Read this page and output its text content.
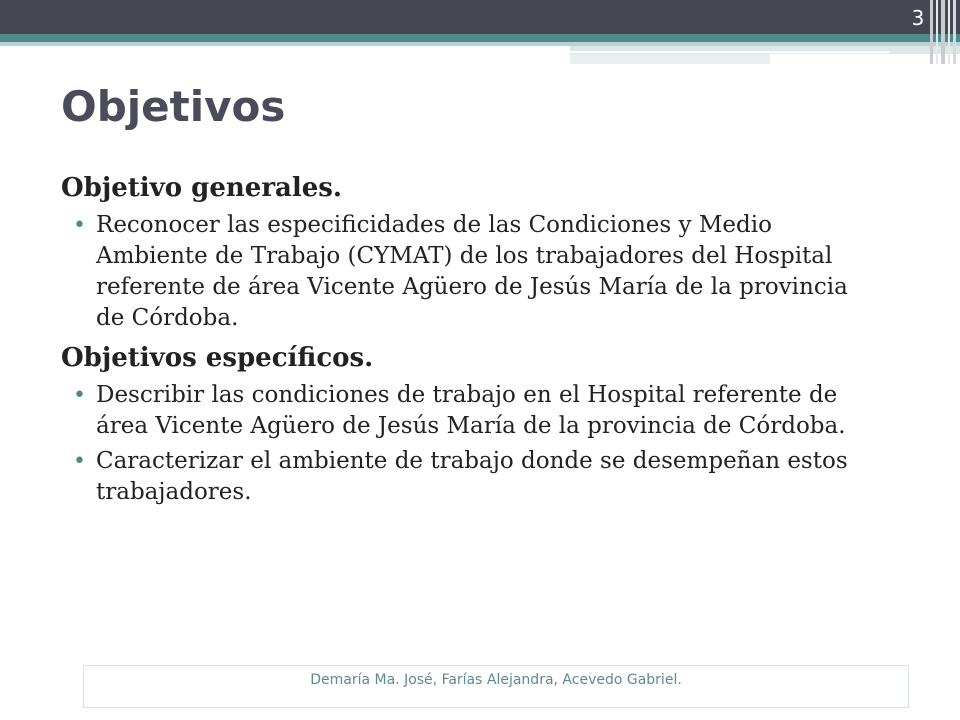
3
Objetivos
Objetivo generales.
• Reconocer las especificidades de las Condiciones y Medio Ambiente de Trabajo (CYMAT) de los trabajadores del Hospital referente de área Vicente Agüero de Jesús María de la provincia de Córdoba.
Objetivos específicos.
• Describir las condiciones de trabajo en el Hospital referente de área Vicente Agüero de Jesús María de la provincia de Córdoba.
• Caracterizar el ambiente de trabajo donde se desempeñan estos trabajadores.
Demaría Ma. José, Farías Alejandra, Acevedo Gabriel.
